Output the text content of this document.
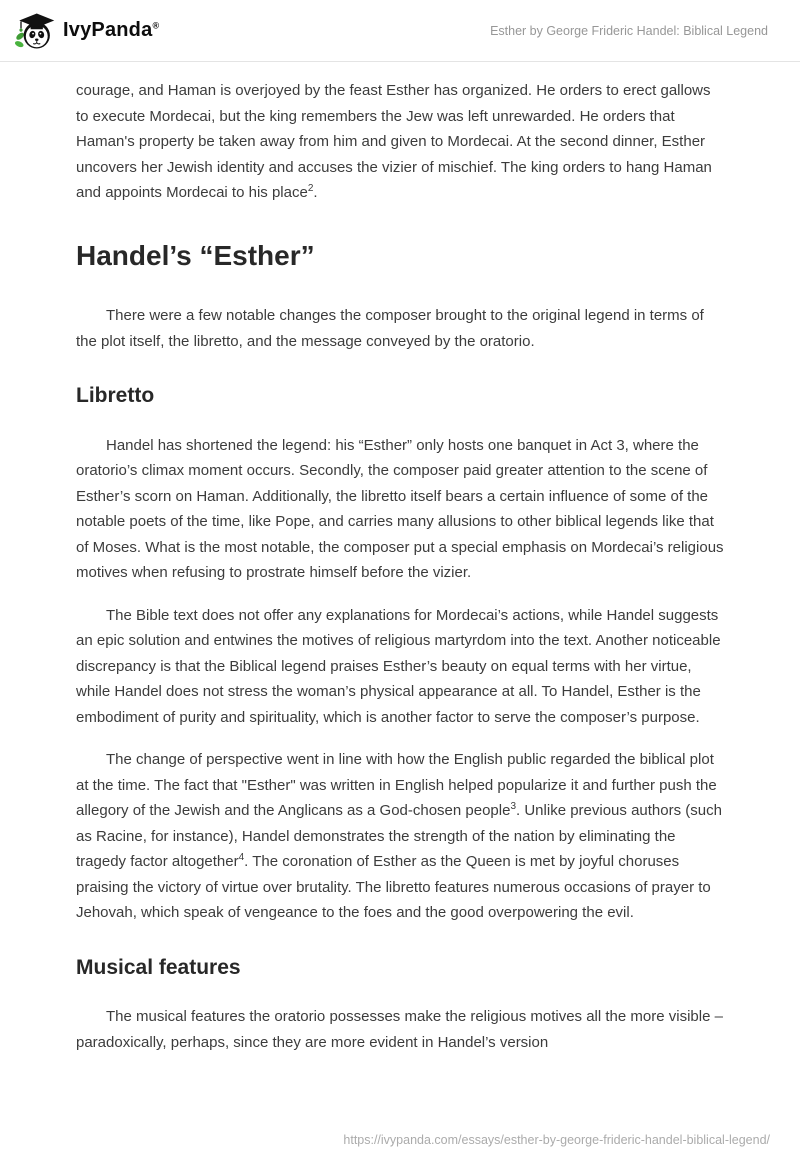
IvyPanda®	Esther by George Frideric Handel: Biblical Legend

courage, and Haman is overjoyed by the feast Esther has organized. He orders to erect gallows to execute Mordecai, but the king remembers the Jew was left unrewarded. He orders that Haman's property be taken away from him and given to Mordecai. At the second dinner, Esther uncovers her Jewish identity and accuses the vizier of mischief. The king orders to hang Haman and appoints Mordecai to his place$^2$.

Handel’s “Esther”

There were a few notable changes the composer brought to the original legend in terms of the plot itself, the libretto, and the message conveyed by the oratorio.

Libretto

Handel has shortened the legend: his “Esther” only hosts one banquet in Act 3, where the oratorio’s climax moment occurs. Secondly, the composer paid greater attention to the scene of Esther’s scorn on Haman. Additionally, the libretto itself bears a certain influence of some of the notable poets of the time, like Pope, and carries many allusions to other biblical legends like that of Moses. What is the most notable, the composer put a special emphasis on Mordecai’s religious motives when refusing to prostrate himself before the vizier.

The Bible text does not offer any explanations for Mordecai’s actions, while Handel suggests an epic solution and entwines the motives of religious martyrdom into the text. Another noticeable discrepancy is that the Biblical legend praises Esther’s beauty on equal terms with her virtue, while Handel does not stress the woman’s physical appearance at all. To Handel, Esther is the embodiment of purity and spirituality, which is another factor to serve the composer’s purpose.

The change of perspective went in line with how the English public regarded the biblical plot at the time. The fact that "Esther" was written in English helped popularize it and further push the allegory of the Jewish and the Anglicans as a God-chosen people$^3$. Unlike previous authors (such as Racine, for instance), Handel demonstrates the strength of the nation by eliminating the tragedy factor altogether$^4$. The coronation of Esther as the Queen is met by joyful choruses praising the victory of virtue over brutality. The libretto features numerous occasions of prayer to Jehovah, which speak of vengeance to the foes and the good overpowering the evil.

Musical features

The musical features the oratorio possesses make the religious motives all the more visible – paradoxically, perhaps, since they are more evident in Handel’s version

https://ivypanda.com/essays/esther-by-george-frideric-handel-biblical-legend/
